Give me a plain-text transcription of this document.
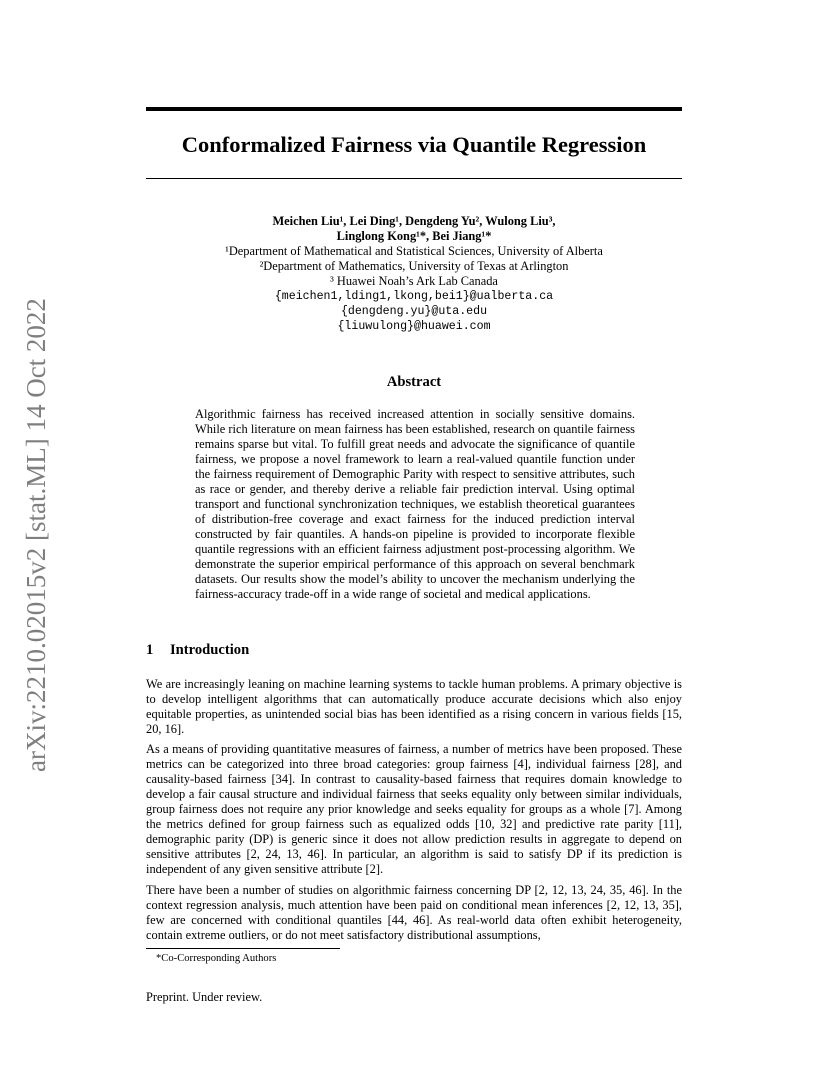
arXiv:2210.02015v2 [stat.ML] 14 Oct 2022
Conformalized Fairness via Quantile Regression
Meichen Liu¹, Lei Ding¹, Dengdeng Yu², Wulong Liu³,
Linglong Kong¹*, Bei Jiang¹*
¹Department of Mathematical and Statistical Sciences, University of Alberta
²Department of Mathematics, University of Texas at Arlington
³ Huawei Noah’s Ark Lab Canada
{meichen1,lding1,lkong,bei1}@ualberta.ca
{dengdeng.yu}@uta.edu
{liuwulong}@huawei.com
Abstract
Algorithmic fairness has received increased attention in socially sensitive domains. While rich literature on mean fairness has been established, research on quantile fairness remains sparse but vital. To fulfill great needs and advocate the significance of quantile fairness, we propose a novel framework to learn a real-valued quantile function under the fairness requirement of Demographic Parity with respect to sensitive attributes, such as race or gender, and thereby derive a reliable fair prediction interval. Using optimal transport and functional synchronization techniques, we establish theoretical guarantees of distribution-free coverage and exact fairness for the induced prediction interval constructed by fair quantiles. A hands-on pipeline is provided to incorporate flexible quantile regressions with an efficient fairness adjustment post-processing algorithm. We demonstrate the superior empirical performance of this approach on several benchmark datasets. Our results show the model’s ability to uncover the mechanism underlying the fairness-accuracy trade-off in a wide range of societal and medical applications.
1 Introduction
We are increasingly leaning on machine learning systems to tackle human problems. A primary objective is to develop intelligent algorithms that can automatically produce accurate decisions which also enjoy equitable properties, as unintended social bias has been identified as a rising concern in various fields [15, 20, 16].
As a means of providing quantitative measures of fairness, a number of metrics have been proposed. These metrics can be categorized into three broad categories: group fairness [4], individual fairness [28], and causality-based fairness [34]. In contrast to causality-based fairness that requires domain knowledge to develop a fair causal structure and individual fairness that seeks equality only between similar individuals, group fairness does not require any prior knowledge and seeks equality for groups as a whole [7]. Among the metrics defined for group fairness such as equalized odds [10, 32] and predictive rate parity [11], demographic parity (DP) is generic since it does not allow prediction results in aggregate to depend on sensitive attributes [2, 24, 13, 46]. In particular, an algorithm is said to satisfy DP if its prediction is independent of any given sensitive attribute [2].
There have been a number of studies on algorithmic fairness concerning DP [2, 12, 13, 24, 35, 46]. In the context regression analysis, much attention have been paid on conditional mean inferences [2, 12, 13, 35], few are concerned with conditional quantiles [44, 46]. As real-world data often exhibit heterogeneity, contain extreme outliers, or do not meet satisfactory distributional assumptions,
*Co-Corresponding Authors
Preprint. Under review.
